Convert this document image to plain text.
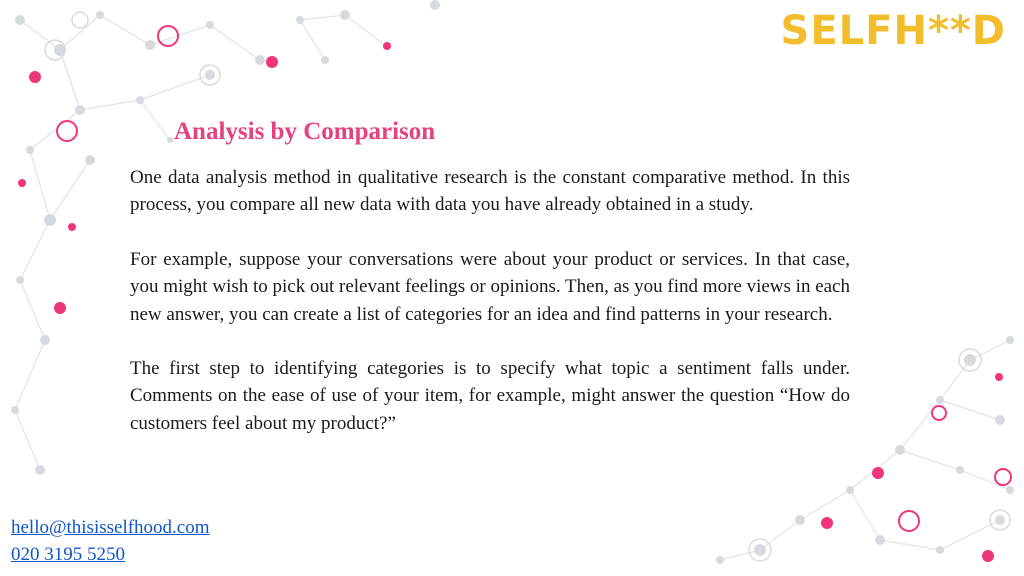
SELFH**D
Analysis by Comparison

One data analysis method in qualitative research is the constant comparative method. In this process, you compare all new data with data you have already obtained in a study.

For example, suppose your conversations were about your product or services. In that case, you might wish to pick out relevant feelings or opinions. Then, as you find more views in each new answer, you can create a list of categories for an idea and find patterns in your research.

The first step to identifying categories is to specify what topic a sentiment falls under. Comments on the ease of use of your item, for example, might answer the question “How do customers feel about my product?”

hello@thisisselfhood.com
020 3195 5250
